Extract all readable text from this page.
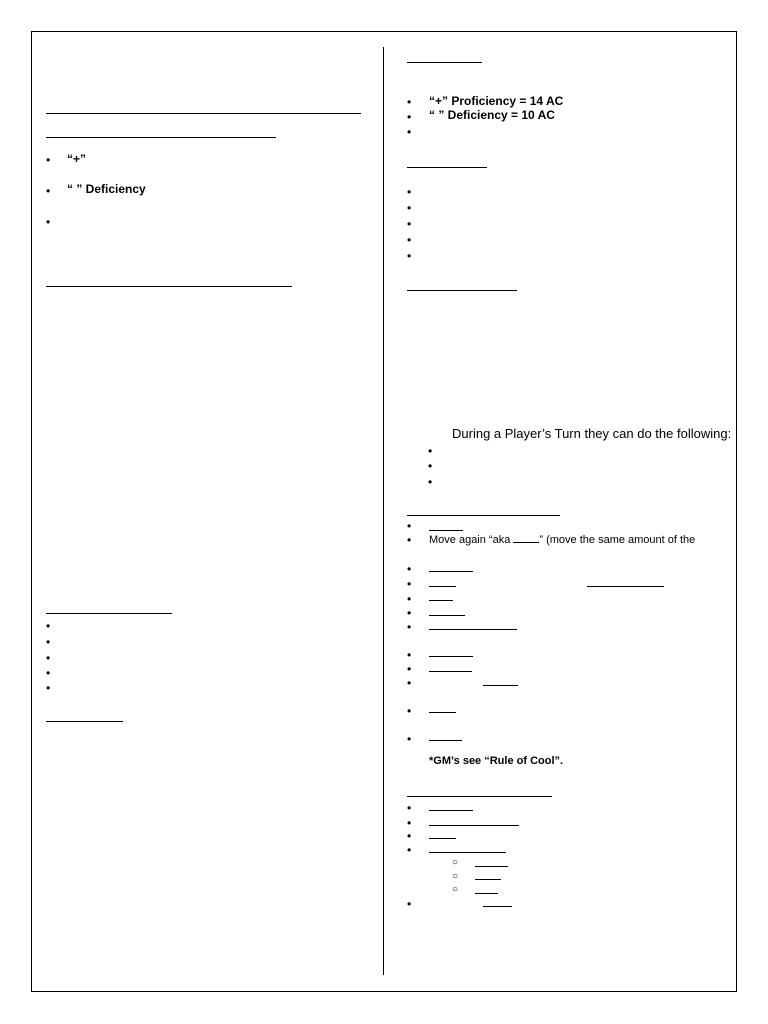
• “+”
• “ ” Deficiency
•
•
•
•
•
•
• “+” Proficiency = 14 AC
• “ ” Deficiency = 10 AC
•
•
•
•
•
•
During a Player’s Turn they can do the following:
•
•
•
•
• Move again “aka ” (move the same amount of the
•
•
•
•
•
•
•
•
•
•
*GM’s see “Rule of Cool”.
•
•
•
•
○
○
○
•
